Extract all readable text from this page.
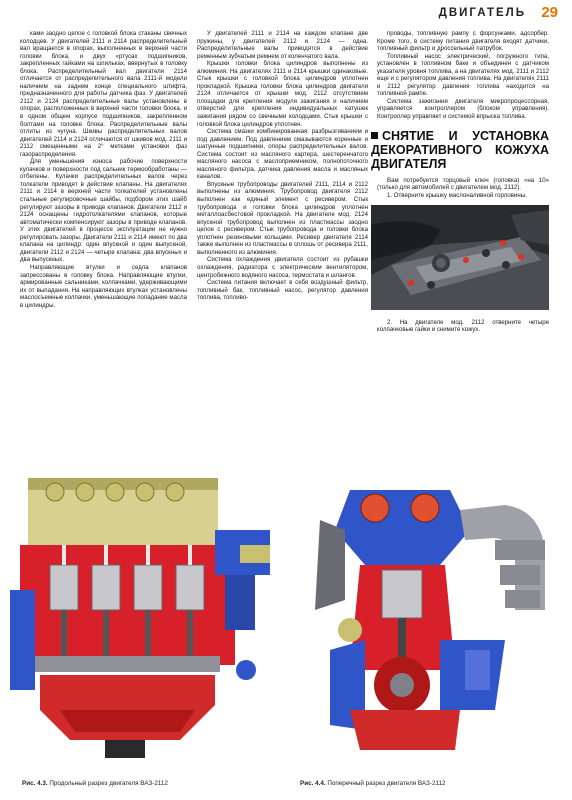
ДВИГАТЕЛЬ 29

ками заодно целое с головкой блока стаканы свечных колодцев. У двигателей 2111 и 2114 распределительный вал вращается в опорах, выполненных в верхней части головки блока, и двух «ртусах подшипников, закрепленных гайками на шпильках, ввернутых в головку блока. Распределительный вал двигателя 2114 отличается от распределительного вала 2111-й модели наличием на заднем конце специального штифта, предназначенного для работы датчика фаз. У двигателей 2112 и 2124 распределительные валы установлены в опорах, расположенных в верхней части головки блока, и в одном общем корпусе подшипников, закрепленном болтами на головке блока. Распределительные валы отлиты из чугуна. Шкивы распределительных валов двигателей 2114 и 2124 отличаются от шкивов мод. 2111 и 2112 смещенными на 2° метками установки фаз газораспределения.

Для уменьшения износа рабочие поверхности кулачков и поверхности под сальник термообработаны — отбелены. Кулачки распределительных валов через толкатели приводят в действие клапаны. На двигателях 2111 и 2114 в верхней части толкателей установлены стальные регулировочные шайбы, подбором этих шайб регулируют зазоры в приводе клапанов. Двигатели 2112 и 2124 оснащены гидротолкателями клапанов, которые автоматически компенсируют зазоры в приводе клапанов. У этих двигателей в процессе эксплуатации не нужно регулировать зазоры. Двигатели 2111 и 2114 имеют по два клапана на цилиндр: один впускной и один выпускной, двигатели 2112 и 2124 — четыре клапана: два впускных и два выпускных.

Направляющие втулки и седла клапанов запрессованы в головку блока. Направляющие втулки, армированные сальниками, колпачками, удерживающими их от выпадания. На направляющих втулках установлены маслосъемные колпачки, уменьшающие попадание масла в цилиндры.

У двигателей 2111 и 2114 на каждом клапане две пружины, у двигателей 2112 и 2124 — одна. Распределительные валы приводятся в действие ременным зубчатым ремнем от коленчатого вала.

Крышки головки блока цилиндров выполнены из алюминия. На двигателях 2111 и 2114 крышки одинаковые. Стык крышки с головкой блока цилиндров уплотнен прокладкой. Крышка головки блока цилиндров двигателя 2124 отличается от крышки мод. 2112 отсутствием площадки для крепления модуля зажигания и наличием отверстий для крепления индивидуальных катушек зажигания рядом со свечными колодцами. Стык крышки с головкой блока цилиндров уплотнен.

Система смазки комбинированная: разбрызгиванием и под давлением. Под давлением смазываются коренные и шатунные подшипники, опоры распределительных валов. Система состоит из масляного картера, шестеренчатого масляного насоса с маслоприемником, полнопоточного масляного фильтра, датчика давления масла и масляных каналов.

Впускные трубопроводы двигателей 2111, 2114 и 2112 выполнены из алюминия. Трубопровод двигателя 2112 выполнен как единый элемент с ресивером. Стык трубопровода и головки блока цилиндров уплотнен металлоасбестовой прокладкой. На двигателе мод. 2124 впускной трубопровод выполнен из пластмассы заодно целое с ресивером. Стык трубопровода и головки блока уплотнен резиновыми кольцами. Ресивер двигателя 2114 также выполнен из пластмассы в сплошь от ресивера 2111, выполненного из алюминия.

Система охлаждения двигателя состоит из рубашки охлаждения, радиатора с электрическим вентилятором, центробежного водяного насоса, термостата и шлангов.

Система питания включает в себя воздушный фильтр, топливный бак, топливный насос, регулятор давления топлива, топливо-

проводы, топливную рампу с форсунками, адсорбер. Кроме того, в систему питания двигателя входят датчики, топливный фильтр и дроссельный патрубок.

Топливный насос электрический, погружного типа, установлен в топливном баке и объединен с датчиком указателя уровня топлива, а на двигателях мод. 2111 и 2112 еще и с регулятором давления топлива. На двигателях 2111 и 2112 регулятор давления топлива находится на топливной рампе.

Система зажигания двигателя микропроцессорная, управляется контроллером (блоком управления). Контроллер управляет и системой впрыска топлива.

СНЯТИЕ И УСТАНОВКА ДЕКОРАТИВНОГО КОЖУХА ДВИГАТЕЛЯ

Вам потребуется торцовый ключ (головка) «на 10» (только для автомобилей с двигателем мод. 2112).

1. Отверните крышку маслоналивной горловины.

2. На двигателе мод. 2112 отверните четыре колпачковые гайки и снимите кожух.

Рис. 4.3. Продольный разрез двигателя ВАЗ-2112	Рис. 4.4. Поперечный разрез двигателя ВАЗ-2112
